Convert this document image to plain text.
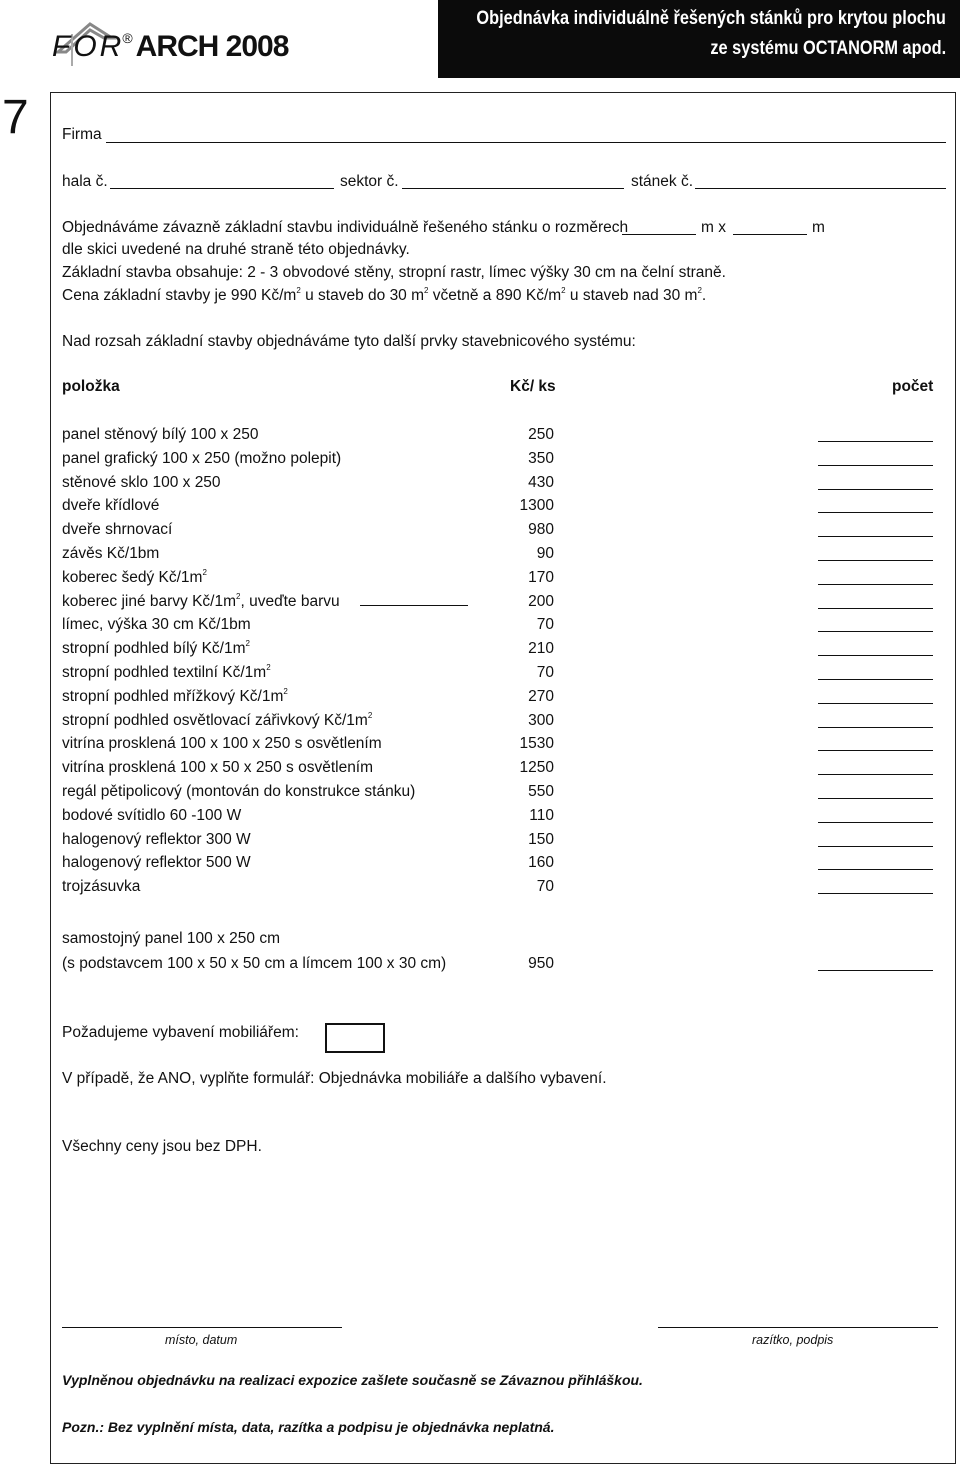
FOR® ARCH 2008
Objednávka individuálně řešených stánků pro krytou plochu
ze systému OCTANORM apod.
7 Firma
hala č.	sektor č.	stánek č.
Objednáváme závazně základní stavbu individuálně řešeného stánku o rozměrech	m x	m
dle skici uvedené na druhé straně této objednávky.
Základní stavba obsahuje: 2 - 3 obvodové stěny, stropní rastr, límec výšky 30 cm na čelní straně.
Cena základní stavby je 990 $Kč/m^2$ u staveb do 30 $m^2$ včetně a 890 $Kč/m^2$ u staveb nad 30 $m^2$.
Nad rozsah základní stavby objednáváme tyto další prvky stavebnicového systému:
položka	Kč/ ks	počet
panel stěnový bílý 100 x 250	250
panel grafický 100 x 250 (možno polepit)	350
stěnové sklo 100 x 250	430
dveře křídlové	1300
dveře shrnovací	980
závěs Kč/1bm	90
koberec šedý $Kč/1m^2$	170
koberec jiné barvy $Kč/1m^2$, uveďte barvu	200
límec, výška 30 cm Kč/1bm	70
stropní podhled bílý $Kč/1m^2$	210
stropní podhled textilní $Kč/1m^2$	70
stropní podhled mřížkový $Kč/1m^2$	270
stropní podhled osvětlovací zářivkový $Kč/1m^2$	300
vitrína prosklená 100 x 100 x 250 s osvětlením	1530
vitrína prosklená 100 x 50 x 250 s osvětlením	1250
regál pětipolicový (montován do konstrukce stánku)	550
bodové svítidlo 60 -100 W	110
halogenový reflektor 300 W	150
halogenový reflektor 500 W	160
trojzásuvka	70
samostojný panel 100 x 250 cm
(s podstavcem 100 x 50 x 50 cm a límcem 100 x 30 cm)	950
Požadujeme vybavení mobiliářem:
V případě, že ANO, vyplňte formulář: Objednávka mobiliáře a dalšího vybavení.
Všechny ceny jsou bez DPH.
místo, datum	razítko, podpis
Vyplněnou objednávku na realizaci expozice zašlete současně se Závaznou přihláškou.
Pozn.: Bez vyplnění místa, data, razítka a podpisu je objednávka neplatná.
